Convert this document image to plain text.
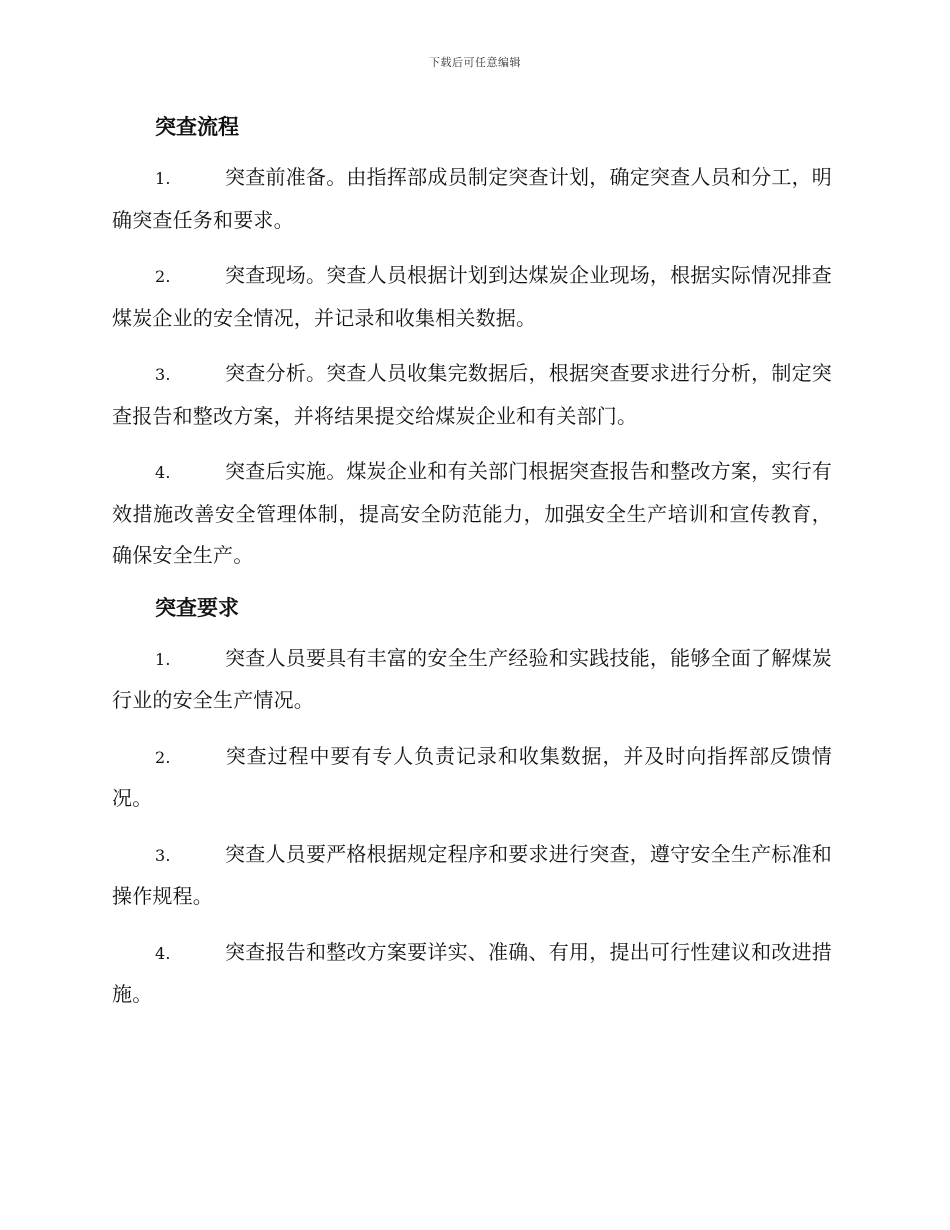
下载后可任意编辑
突查流程

1.	突查前准备。由指挥部成员制定突查计划，确定突查人员和分工，明确突查任务和要求。

2.	突查现场。突查人员根据计划到达煤炭企业现场，根据实际情况排查煤炭企业的安全情况，并记录和收集相关数据。

3.	突查分析。突查人员收集完数据后，根据突查要求进行分析，制定突查报告和整改方案，并将结果提交给煤炭企业和有关部门。

4.	突查后实施。煤炭企业和有关部门根据突查报告和整改方案，实行有效措施改善安全管理体制，提高安全防范能力，加强安全生产培训和宣传教育，确保安全生产。

突查要求

1.	突查人员要具有丰富的安全生产经验和实践技能，能够全面了解煤炭行业的安全生产情况。

2.	突查过程中要有专人负责记录和收集数据，并及时向指挥部反馈情况。

3.	突查人员要严格根据规定程序和要求进行突查，遵守安全生产标准和操作规程。

4.	突查报告和整改方案要详实、准确、有用，提出可行性建议和改进措施。
